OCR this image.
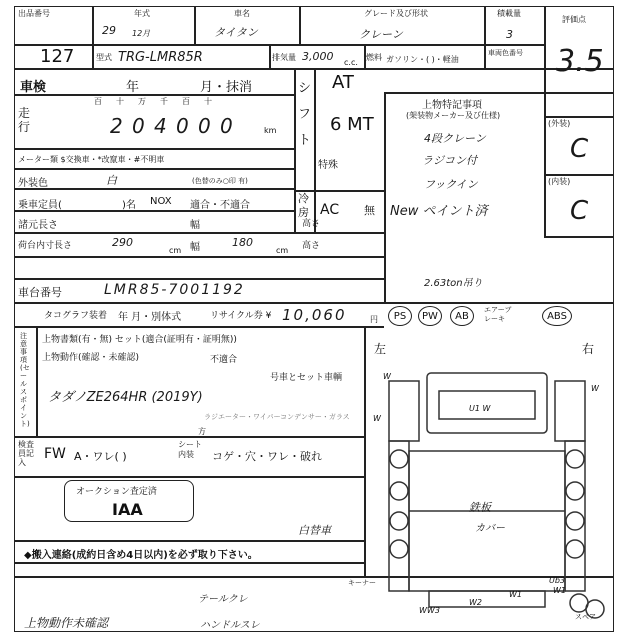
出品番号
127
年式
29 12月
車名
タイタン
グレード及び形状
クレーン
積載量
3
評価点
3.5
型式 TRG-LMR85R	排気量 3,000 c.c.
燃料 ガソリン・( )・軽油
車両色番号
車検	年	月・抹消
走行
百 十 万 千 百 十
2 0 4 0 0 0	km
メーター類 $交換車・*改竄車・#不明車
外装色	白	(色替のみ○印 有)
乗車定員(	)名 NOX 適合・不適合
諸元長さ	幅	高さ
荷台内寸長さ	290
cm 幅	180
cm 高さ
車台番号	LMR85-7001192
シフト
AT
6 MT
特殊
冷房 AC 無
上物特記事項
(架装物メーカー及び仕様)
4段クレーン
ラジコン付
フックイン
New ペイント済
2.63ton吊り
(外装)
C
(内装)
C
タコグラフ装着 年 月・別体式	リサイクル券 ¥ 10,060	円	PS	PW	AB
エアーブレーキ	ABS
注意事項(セールスポイント)
上物書類(有・無) セット(適合(証明有・証明無))
上物動作(確認・未確認)	不適合
号車とセット車輌
タダノZE264HR (2019Y)
方
ラジエーター・ワイパー コンデンサー・ガラス
検査員記入
FW A・ワレ( )
シート内装	コゲ・穴・ワレ・破れ
オークション査定済
IAA
白替車
◆搬入連絡(成約日含め4日以内)を必ず取り下さい。
テールクレ
ハンドルスレ
上物動作未確認
キーナー
左	右
W
W
U1 W
W
WW3
W2
W1
Ub3
W1
鉄板
カバー
スペア
